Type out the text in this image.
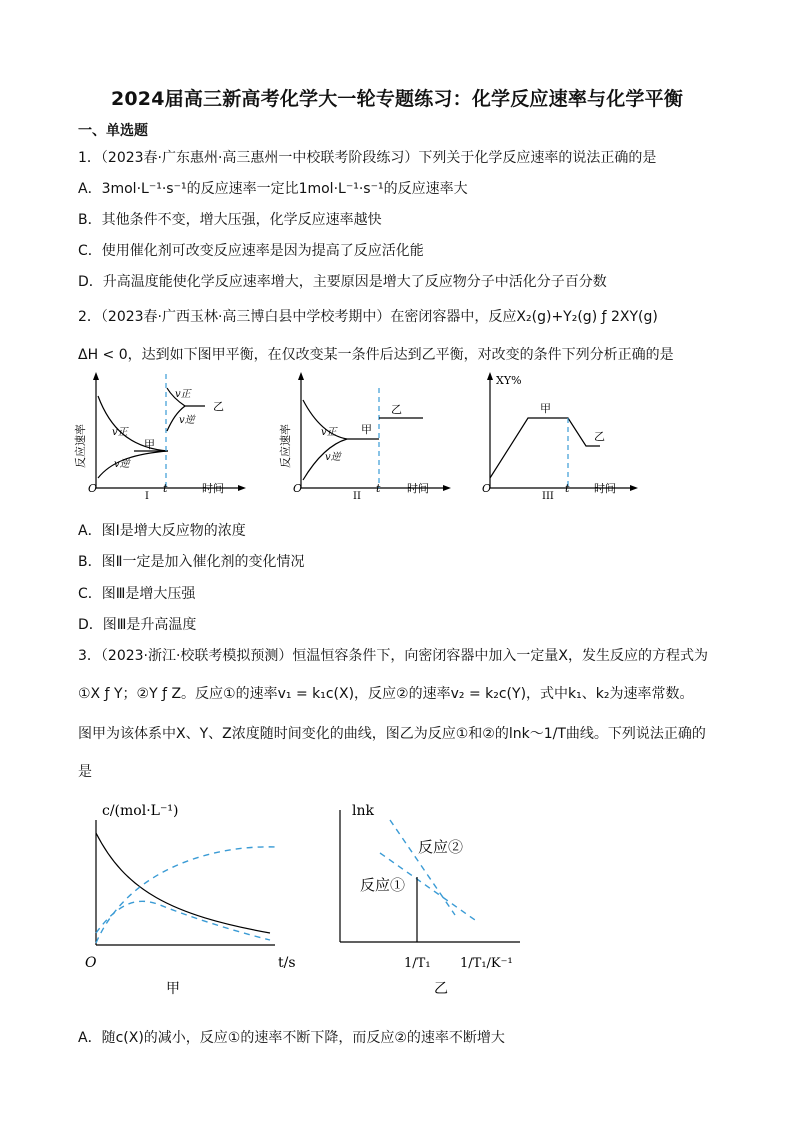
2024届高三新高考化学大一轮专题练习：化学反应速率与化学平衡
一、单选题
1．（2023春·广东惠州·高三惠州一中校联考阶段练习）下列关于化学反应速率的说法正确的是
A．3mol·L⁻¹·s⁻¹的反应速率一定比1mol·L⁻¹·s⁻¹的反应速率大
B．其他条件不变，增大压强，化学反应速率越快
C．使用催化剂可改变反应速率是因为提高了反应活化能
D．升高温度能使化学反应速率增大，主要原因是增大了反应物分子中活化分子百分数
2．（2023春·广西玉林·高三博白县中学校考期中）在密闭容器中，反应X₂(g)+Y₂(g) ƒ 2XY(g)
ΔH < 0，达到如下图甲平衡，在仅改变某一条件后达到乙平衡，对改变的条件下列分析正确的是
反应速率	v正
v逆
甲
v正
v逆
乙
O	t	时间
I
反应速率	v正
v逆
甲
乙
O	t 时间
II
XY%
甲
乙
O	t 时间
III
A．图Ⅰ是增大反应物的浓度
B．图Ⅱ一定是加入催化剂的变化情况
C．图Ⅲ是增大压强
D．图Ⅲ是升高温度
3．（2023·浙江·校联考模拟预测）恒温恒容条件下，向密闭容器中加入一定量X，发生反应的方程式为
①X ƒ Y；②Y ƒ Z。反应①的速率v₁ = k₁c(X)，反应②的速率v₂ = k₂c(Y)，式中k₁、k₂为速率常数。
图甲为该体系中X、Y、Z浓度随时间变化的曲线，图乙为反应①和②的lnk～1/T曲线。下列说法正确的
是
c/(mol·L⁻¹)
O	t/s
甲
lnk
反应②
反应①
1/T₁ 1/T₁/K⁻¹
乙
A．随c(X)的减小，反应①的速率不断下降，而反应②的速率不断增大
